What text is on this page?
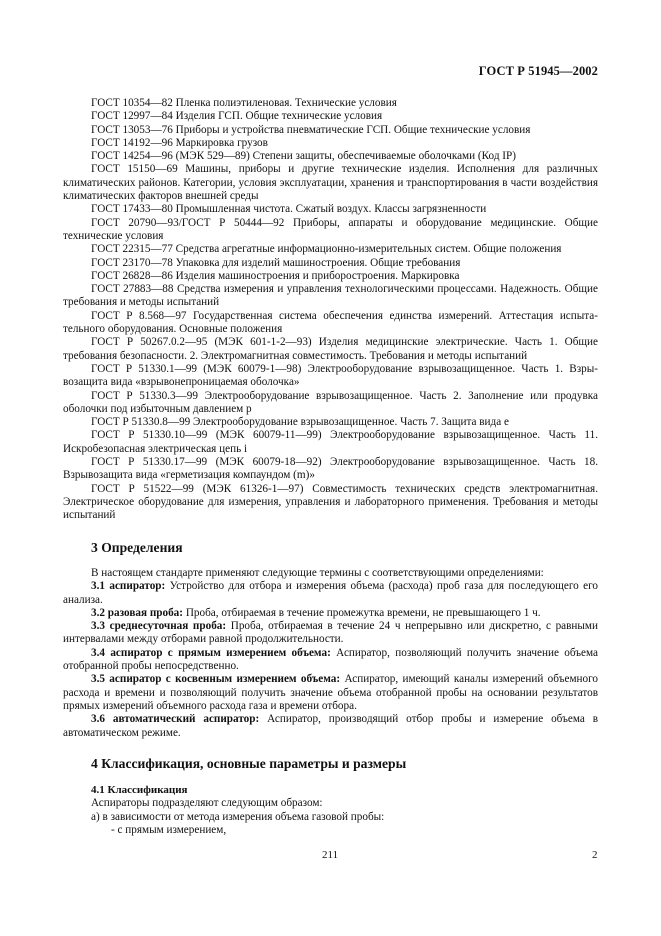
ГОСТ Р 51945—2002

ГОСТ 10354—82 Пленка полиэтиленовая. Технические условия

ГОСТ 12997—84 Изделия ГСП. Общие технические условия

ГОСТ 13053—76 Приборы и устройства пневматические ГСП. Общие технические условия

ГОСТ 14192—96 Маркировка грузов

ГОСТ 14254—96 (МЭК 529—89) Степени защиты, обеспечиваемые оболочками (Код IP)

ГОСТ 15150—69 Машины, приборы и другие технические изделия. Исполнения для различных климатических районов. Категории, условия эксплуатации, хранения и транспортирования в части воздействия климатических факторов внешней среды

ГОСТ 17433—80 Промышленная чистота. Сжатый воздух. Классы загрязненности

ГОСТ 20790—93/ГОСТ Р 50444—92 Приборы, аппараты и оборудование медицинские. Общие технические условия

ГОСТ 22315—77 Средства агрегатные информационно-измерительных систем. Общие положения

ГОСТ 23170—78 Упаковка для изделий машиностроения. Общие требования

ГОСТ 26828—86 Изделия машиностроения и приборостроения. Маркировка

ГОСТ 27883—88 Средства измерения и управления технологическими процессами. Надежность. Общие требования и методы испытаний

ГОСТ Р 8.568—97 Государственная система обеспечения единства измерений. Аттестация испытательного оборудования. Основные положения

ГОСТ Р 50267.0.2—95 (МЭК 601-1-2—93) Изделия медицинские электрические. Часть 1. Общие требования безопасности. 2. Электромагнитная совместимость. Требования и методы испытаний

ГОСТ Р 51330.1—99 (МЭК 60079-1—98) Электрооборудование взрывозащищенное. Часть 1. Взрывозащита вида «взрывонепроницаемая оболочка»

ГОСТ Р 51330.3—99 Электрооборудование взрывозащищенное. Часть 2. Заполнение или продувка оболочки под избыточным давлением p

ГОСТ Р 51330.8—99 Электрооборудование взрывозащищенное. Часть 7. Защита вида e

ГОСТ Р 51330.10—99 (МЭК 60079-11—99) Электрооборудование взрывозащищенное. Часть 11. Искробезопасная электрическая цепь i

ГОСТ Р 51330.17—99 (МЭК 60079-18—92) Электрооборудование взрывозащищенное. Часть 18. Взрывозащита вида «герметизация компаундом (m)»

ГОСТ Р 51522—99 (МЭК 61326-1—97) Совместимость технических средств электромагнитная. Электрическое оборудование для измерения, управления и лабораторного применения. Требования и методы испытаний

3 Определения

В настоящем стандарте применяют следующие термины с соответствующими определениями:

3.1 аспиратор: Устройство для отбора и измерения объема (расхода) проб газа для последующего его анализа.

3.2 разовая проба: Проба, отбираемая в течение промежутка времени, не превышающего 1 ч.

3.3 среднесуточная проба: Проба, отбираемая в течение 24 ч непрерывно или дискретно, с равными интервалами между отборами равной продолжительности.

3.4 аспиратор с прямым измерением объема: Аспиратор, позволяющий получить значение объема отобранной пробы непосредственно.

3.5 аспиратор с косвенным измерением объема: Аспиратор, имеющий каналы измерений объемного расхода и времени и позволяющий получить значение объема отобранной пробы на основании результатов прямых измерений объемного расхода газа и времени отбора.

3.6 автоматический аспиратор: Аспиратор, производящий отбор пробы и измерение объема в автоматическом режиме.

4 Классификация, основные параметры и размеры

4.1 Классификация

Аспираторы подразделяют следующим образом:

а) в зависимости от метода измерения объема газовой пробы:

- с прямым измерением,

211	2
